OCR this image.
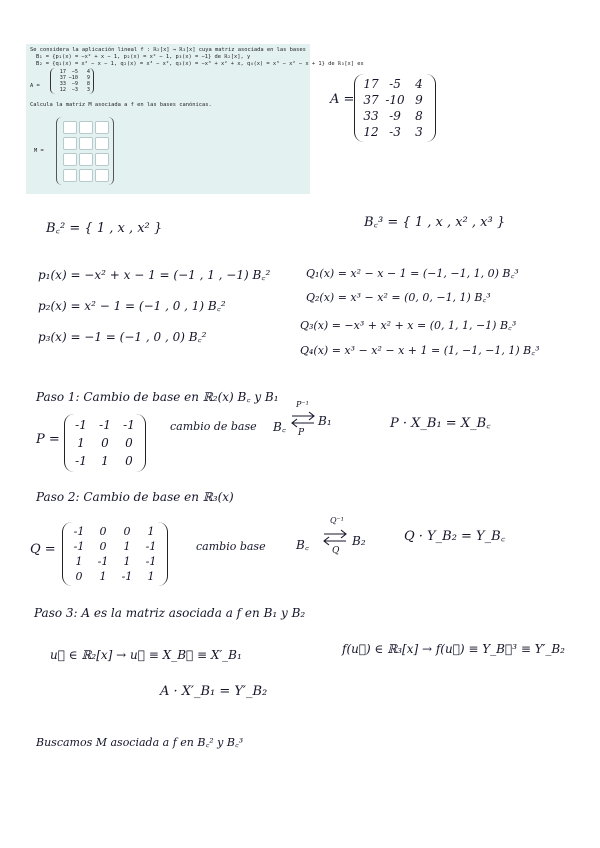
Se considera la aplicación lineal f : ℝ₂[x] → ℝ₃[x] cuya matriz asociada en las bases
B₁ = {p₁(x) = −x² + x − 1, p₂(x) = x² − 1, p₃(x) = −1} de ℝ₂[x], y
B₂ = {q₁(x) = x² − x − 1, q₂(x) = x³ − x², q₃(x) = −x³ + x² + x, q₄(x) = x³ − x² − x + 1} de ℝ₃[x] es
A =
17 −5 4
37 −10 9
33 −9 8
12 −3 3
Calcula la matriz M asociada a f en las bases canónicas.
M =
A =
17 -5	4
37 -10 9
33 -9	8
12 -3	3
B꜀² = { 1 , x , x² }	B꜀³ = { 1 , x , x² , x³ }
p₁(x) = −x² + x − 1 = (−1 , 1 , −1) B꜀²
p₂(x) = x² − 1 = (−1 , 0 , 1) B꜀²
p₃(x) = −1 = (−1 , 0 , 0) B꜀²
Q₁(x) = x² − x − 1 = (−1, −1, 1, 0) B꜀³
Q₂(x) = x³ − x² = (0, 0, −1, 1) B꜀³
Q₃(x) = −x³ + x² + x = (0, 1, 1, −1) B꜀³
Q₄(x) = x³ − x² − x + 1 = (1, −1, −1, 1) B꜀³
Paso 1: Cambio de base en ℝ₂(x) B꜀ y B₁
P =
-1	-1	-1
1	0	0
-1	1	0
cambio de base B꜀
P⁻¹
P
B₁	P · X_B₁ = X_B꜀
Paso 2: Cambio de base en ℝ₃(x)
Q =
-1	0	0	1
-1	0	1	-1
1	-1	1	-1
0	1	-1	1
cambio base	B꜀
Q⁻¹
Q
B₂	Q · Y_B₂ = Y_B꜀
Paso 3: A es la matriz asociada a f en B₁ y B₂
u⃗ ∈ ℝ₂[x] → u⃗ ≡ X_B꜀ ≡ X′_B₁	f(u⃗) ∈ ℝ₃[x] → f(u⃗) ≡ Y_B꜀³ ≡ Y′_B₂
A · X′_B₁ = Y′_B₂
Buscamos M asociada a f en B꜀² y B꜀³
